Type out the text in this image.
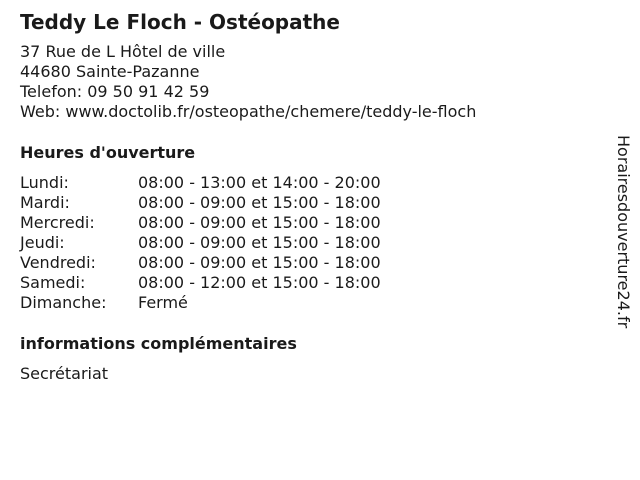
Teddy Le Floch - Ostéopathe
37 Rue de L Hôtel de ville
44680 Sainte-Pazanne
Telefon: 09 50 91 42 59
Web: www.doctolib.fr/osteopathe/chemere/teddy-le-floch
Heures d'ouverture
Lundi:	08:00 - 13:00 et 14:00 - 20:00
Mardi:	08:00 - 09:00 et 15:00 - 18:00
Mercredi:	08:00 - 09:00 et 15:00 - 18:00
Jeudi:	08:00 - 09:00 et 15:00 - 18:00
Vendredi:	08:00 - 09:00 et 15:00 - 18:00
Samedi:	08:00 - 12:00 et 15:00 - 18:00
Dimanche:	Fermé
informations complémentaires
Secrétariat
Horairesdouverture24.fr
